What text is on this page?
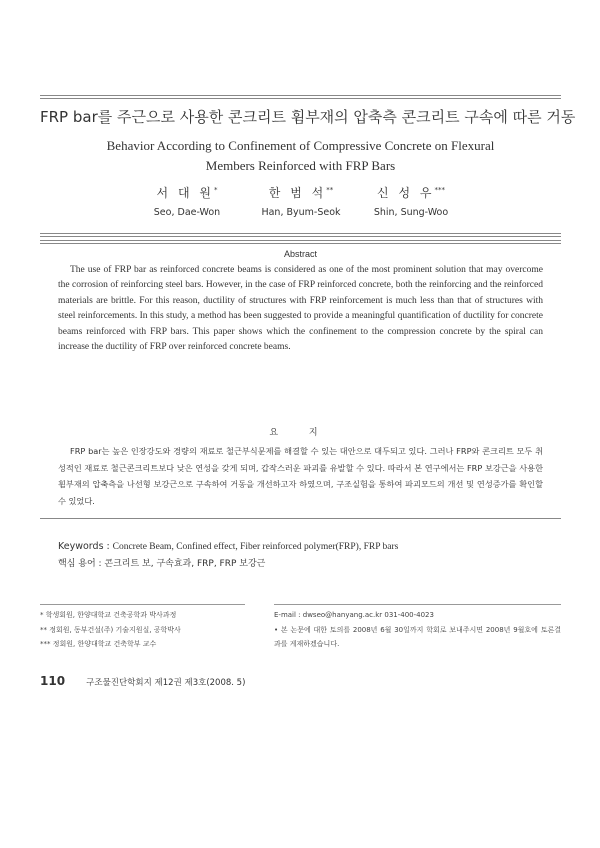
FRP bar를 주근으로 사용한 콘크리트 휨부재의 압축측 콘크리트 구속에 따른 거동
Behavior According to Confinement of Compressive Concrete on Flexural
Members Reinforced with FRP Bars
서 대 원*
Seo, Dae-Won
한 범 석**
Han, Byum-Seok
신 성 우***
Shin, Sung-Woo
Abstract
The use of FRP bar as reinforced concrete beams is considered as one of the most prominent solution that may overcome the corrosion of reinforcing steel bars. However, in the case of FRP reinforced concrete, both the reinforcing and the reinforced materials are brittle. For this reason, ductility of structures with FRP reinforcement is much less than that of structures with steel reinforcements. In this study, a method has been suggested to provide a meaningful quantification of ductility for concrete beams reinforced with FRP bars. This paper shows which the confinement to the compression concrete by the spiral can increase the ductility of FRP over reinforced concrete beams.
요 지
FRP bar는 높은 인장강도와 경량의 재료로 철근부식문제를 해결할 수 있는 대안으로 대두되고 있다. 그러나 FRP와 콘크리트 모두 취성적인 재료로 철근콘크리트보다 낮은 연성을 갖게 되며, 갑작스러운 파괴를 유발할 수 있다. 따라서 본 연구에서는 FRP 보강근을 사용한 휨부재의 압축측을 나선형 보강근으로 구속하여 거동을 개선하고자 하였으며, 구조실험을 통하여 파괴모드의 개선 및 연성증가를 확인할 수 있었다.
Keywords : Concrete Beam, Confined effect, Fiber reinforced polymer(FRP), FRP bars
핵심 용어 : 콘크리트 보, 구속효과, FRP, FRP 보강근
* 학생회원, 한양대학교 건축공학과 박사과정
** 정회원, 동부건설(주) 기술지원실, 공학박사
*** 정회원, 한양대학교 건축학부 교수
E-mail : dwseo@hanyang.ac.kr 031-400-4023
• 본 논문에 대한 토의를 2008년 6월 30일까지 학회로 보내주시면 2008년 9월호에 토론결과를 게재하겠습니다.
110 구조물진단학회지 제12권 제3호(2008. 5)
